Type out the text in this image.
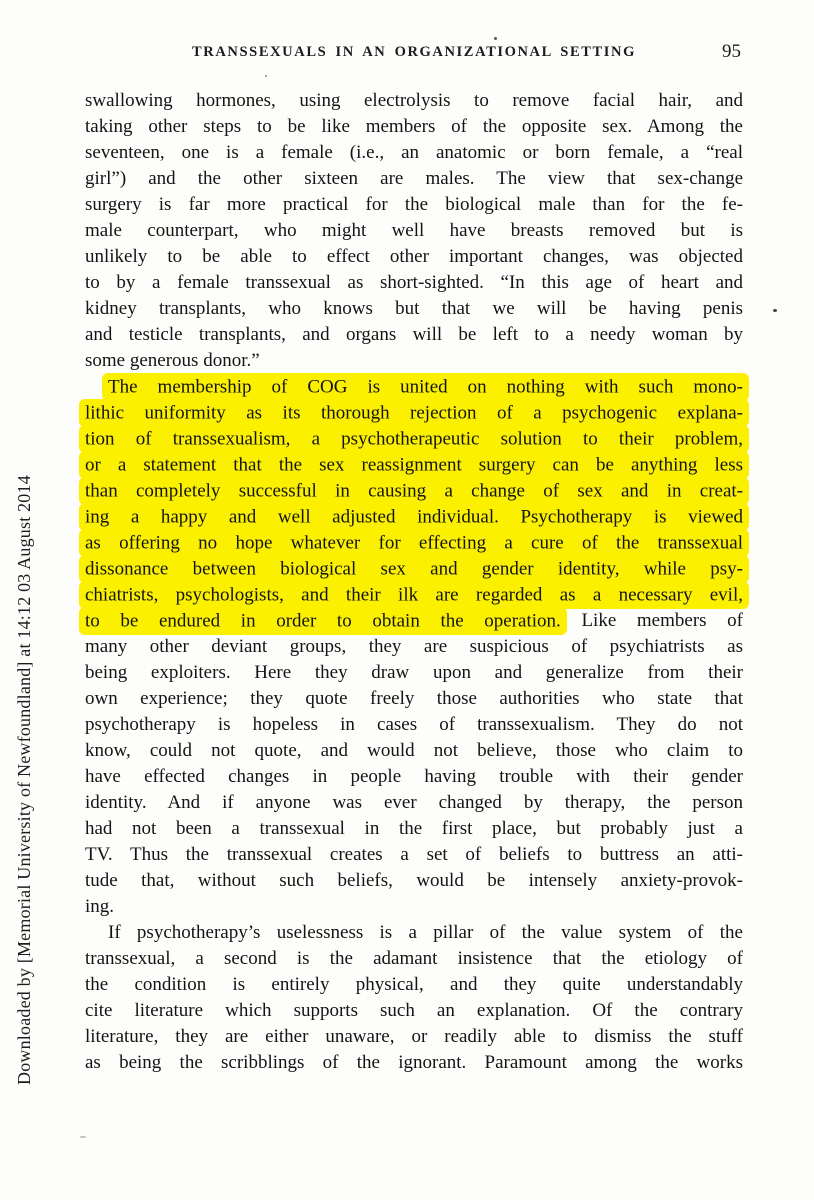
TRANSSEXUALS IN AN ORGANIZATIONAL SETTING	95
Downloaded by [Memorial University of Newfoundland] at 14:12 03 August 2014
swallowing hormones, using electrolysis to remove facial hair, and
taking other steps to be like members of the opposite sex. Among the
seventeen, one is a female (i.e., an anatomic or born female, a “real
girl”) and the other sixteen are males. The view that sex-change
surgery is far more practical for the biological male than for the fe-
male counterpart, who might well have breasts removed but is
unlikely to be able to effect other important changes, was objected
to by a female transsexual as short-sighted. “In this age of heart and
kidney transplants, who knows but that we will be having penis
and testicle transplants, and organs will be left to a needy woman by
some generous donor.”
The membership of COG is united on nothing with such mono-
lithic uniformity as its thorough rejection of a psychogenic explana-
tion of transsexualism, a psychotherapeutic solution to their problem,
or a statement that the sex reassignment surgery can be anything less
than completely successful in causing a change of sex and in creat-
ing a happy and well adjusted individual. Psychotherapy is viewed
as offering no hope whatever for effecting a cure of the transsexual
dissonance between biological sex and gender identity, while psy-
chiatrists, psychologists, and their ilk are regarded as a necessary evil,
to be endured in order to obtain the operation. Like members of
many other deviant groups, they are suspicious of psychiatrists as
being exploiters. Here they draw upon and generalize from their
own experience; they quote freely those authorities who state that
psychotherapy is hopeless in cases of transsexualism. They do not
know, could not quote, and would not believe, those who claim to
have effected changes in people having trouble with their gender
identity. And if anyone was ever changed by therapy, the person
had not been a transsexual in the first place, but probably just a
TV. Thus the transsexual creates a set of beliefs to buttress an atti-
tude that, without such beliefs, would be intensely anxiety-provok-
ing.
If psychotherapy’s uselessness is a pillar of the value system of the
transsexual, a second is the adamant insistence that the etiology of
the condition is entirely physical, and they quite understandably
cite literature which supports such an explanation. Of the contrary
literature, they are either unaware, or readily able to dismiss the stuff
as being the scribblings of the ignorant. Paramount among the works
